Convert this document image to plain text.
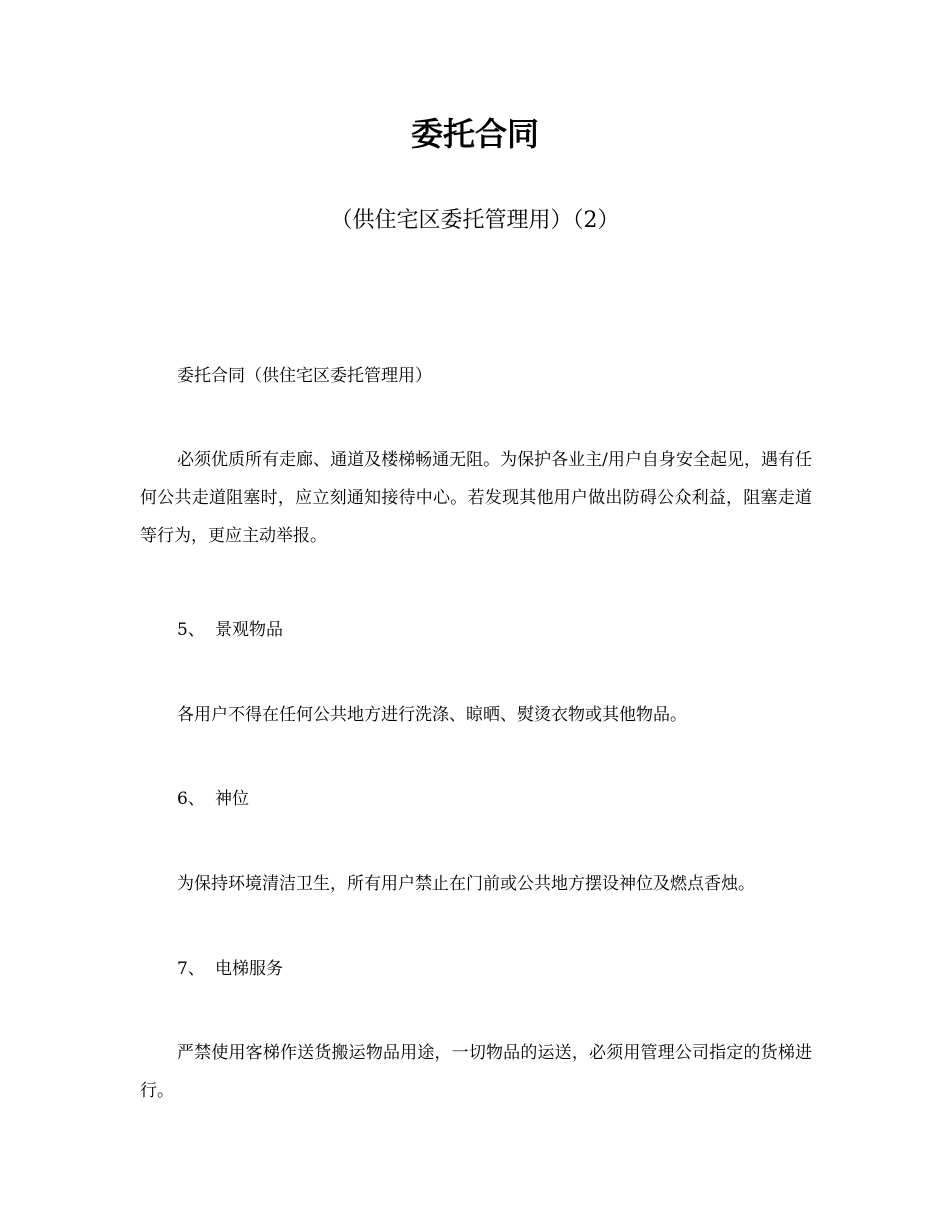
委托合同

（供住宅区委托管理用）（2）

委托合同（供住宅区委托管理用）

必须优质所有走廊、通道及楼梯畅通无阻。为保护各业主/用户自身安全起见，遇有任何公共走道阻塞时，应立刻通知接待中心。若发现其他用户做出防碍公众利益，阻塞走道等行为，更应主动举报。

5、 景观物品

各用户不得在任何公共地方进行洗涤、晾晒、熨烫衣物或其他物品。

6、 神位

为保持环境清洁卫生，所有用户禁止在门前或公共地方摆设神位及燃点香烛。

7、 电梯服务

严禁使用客梯作送货搬运物品用途，一切物品的运送，必须用管理公司指定的货梯进行。
